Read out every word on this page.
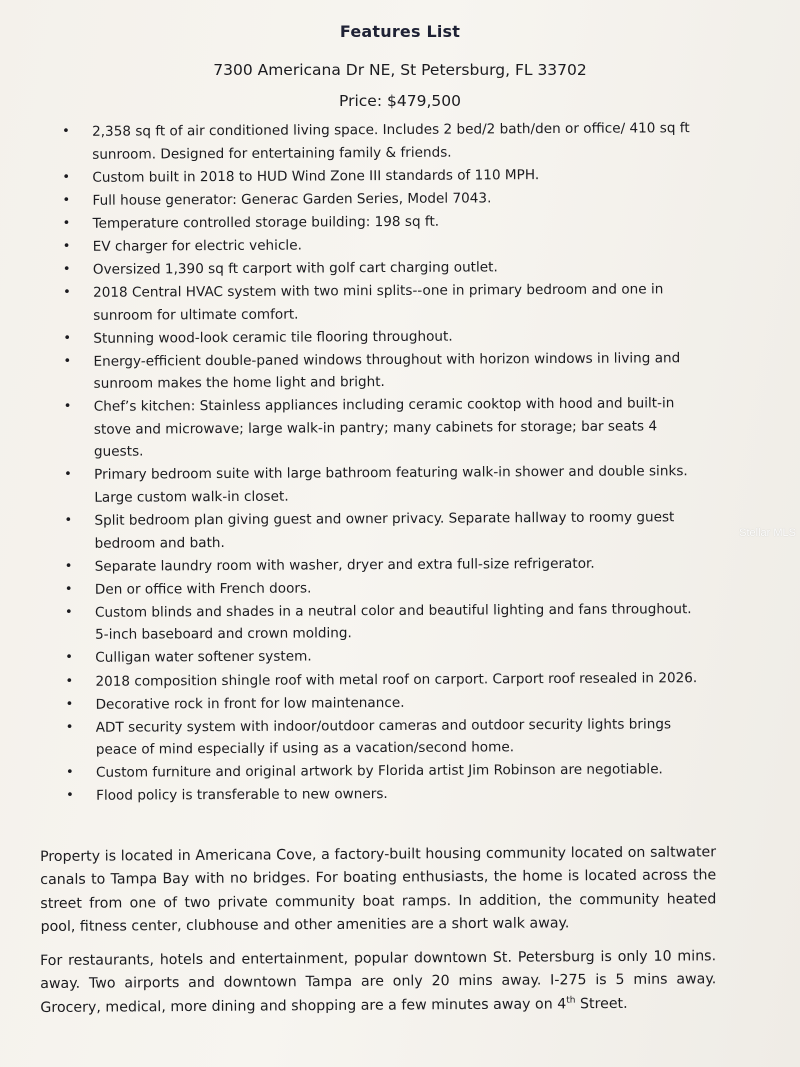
Features List
7300 Americana Dr NE, St Petersburg, FL 33702
Price: $479,500
• 2,358 sq ft of air conditioned living space. Includes 2 bed/2 bath/den or office/ 410 sq ft sunroom. Designed for entertaining family & friends.
• Custom built in 2018 to HUD Wind Zone III standards of 110 MPH.
• Full house generator: Generac Garden Series, Model 7043.
• Temperature controlled storage building: 198 sq ft.
• EV charger for electric vehicle.
• Oversized 1,390 sq ft carport with golf cart charging outlet.
• 2018 Central HVAC system with two mini splits--one in primary bedroom and one in sunroom for ultimate comfort.
• Stunning wood-look ceramic tile flooring throughout.
• Energy-efficient double-paned windows throughout with horizon windows in living and sunroom makes the home light and bright.
• Chef’s kitchen: Stainless appliances including ceramic cooktop with hood and built-in stove and microwave; large walk-in pantry; many cabinets for storage; bar seats 4 guests.
• Primary bedroom suite with large bathroom featuring walk-in shower and double sinks. Large custom walk-in closet.
• Split bedroom plan giving guest and owner privacy. Separate hallway to roomy guest bedroom and bath.
• Separate laundry room with washer, dryer and extra full-size refrigerator.
• Den or office with French doors.
• Custom blinds and shades in a neutral color and beautiful lighting and fans throughout. 5-inch baseboard and crown molding.
• Culligan water softener system.
• 2018 composition shingle roof with metal roof on carport. Carport roof resealed in 2026.
• Decorative rock in front for low maintenance.
• ADT security system with indoor/outdoor cameras and outdoor security lights brings peace of mind especially if using as a vacation/second home.
• Custom furniture and original artwork by Florida artist Jim Robinson are negotiable.
• Flood policy is transferable to new owners.

Property is located in Americana Cove, a factory-built housing community located on saltwater canals to Tampa Bay with no bridges. For boating enthusiasts, the home is located across the street from one of two private community boat ramps. In addition, the community heated pool, fitness center, clubhouse and other amenities are a short walk away.

For restaurants, hotels and entertainment, popular downtown St. Petersburg is only 10 mins. away. Two airports and downtown Tampa are only 20 mins away. I-275 is 5 mins away. Grocery, medical, more dining and shopping are a few minutes away on 4th Street.

Stellar MLS
